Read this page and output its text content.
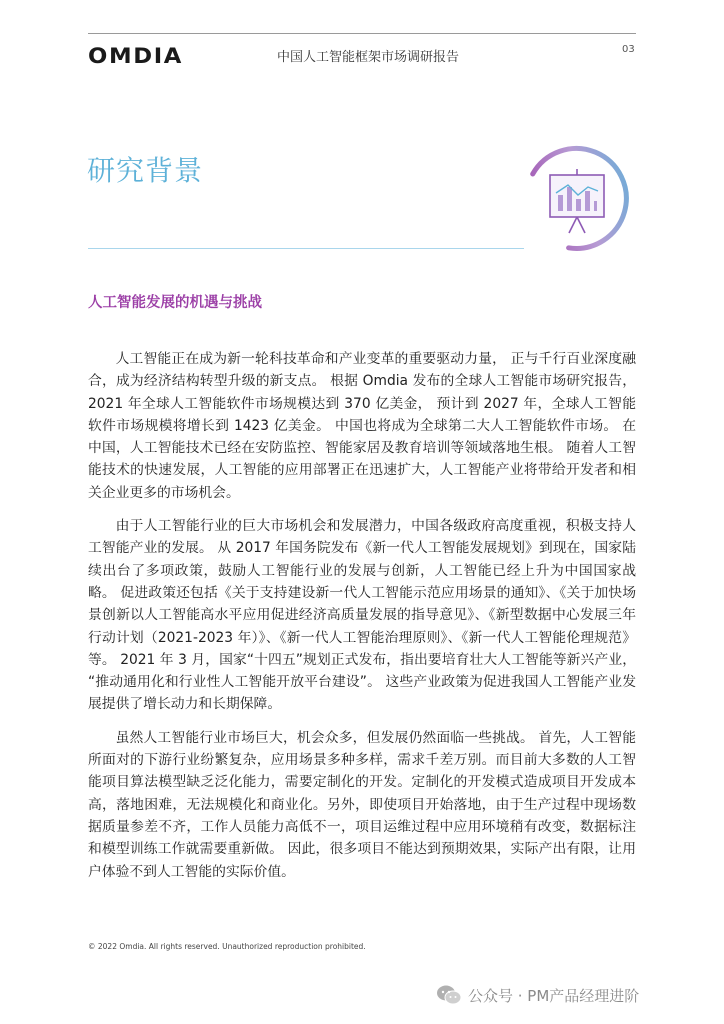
OMDIA	中国人工智能框架市场调研报告
03
研究背景
人工智能发展的机遇与挑战

人工智能正在成为新一轮科技革命和产业变革的重要驱动力量， 正与千行百业深度融合，成为经济结构转型升级的新支点。 根据 Omdia 发布的全球人工智能市场研究报告，2021 年全球人工智能软件市场规模达到 370 亿美金， 预计到 2027 年，全球人工智能软件市场规模将增长到 1423 亿美金。 中国也将成为全球第二大人工智能软件市场。 在中国，人工智能技术已经在安防监控、智能家居及教育培训等领域落地生根。 随着人工智能技术的快速发展，人工智能的应用部署正在迅速扩大，人工智能产业将带给开发者和相关企业更多的市场机会。

由于人工智能行业的巨大市场机会和发展潜力，中国各级政府高度重视，积极支持人工智能产业的发展。 从 2017 年国务院发布《新一代人工智能发展规划》到现在，国家陆续出台了多项政策，鼓励人工智能行业的发展与创新，人工智能已经上升为中国国家战略。 促进政策还包括《关于支持建设新一代人工智能示范应用场景的通知》、《关于加快场景创新以人工智能高水平应用促进经济高质量发展的指导意见》、《新型数据中心发展三年行动计划（2021-2023 年）》、《新一代人工智能治理原则》、《新一代人工智能伦理规范》等。 2021 年 3 月，国家“十四五”规划正式发布，指出要培育壮大人工智能等新兴产业， “推动通用化和行业性人工智能开放平台建设”。 这些产业政策为促进我国人工智能产业发展提供了增长动力和长期保障。

虽然人工智能行业市场巨大，机会众多，但发展仍然面临一些挑战。 首先，人工智能所面对的下游行业纷繁复杂，应用场景多种多样，需求千差万别。而目前大多数的人工智能项目算法模型缺乏泛化能力，需要定制化的开发。定制化的开发模式造成项目开发成本高，落地困难，无法规模化和商业化。另外，即使项目开始落地，由于生产过程中现场数据质量参差不齐，工作人员能力高低不一，项目运维过程中应用环境稍有改变，数据标注和模型训练工作就需要重新做。 因此，很多项目不能达到预期效果，实际产出有限，让用户体验不到人工智能的实际价值。

© 2022 Omdia. All rights reserved. Unauthorized reproduction prohibited.
公众号 · PM产品经理进阶
